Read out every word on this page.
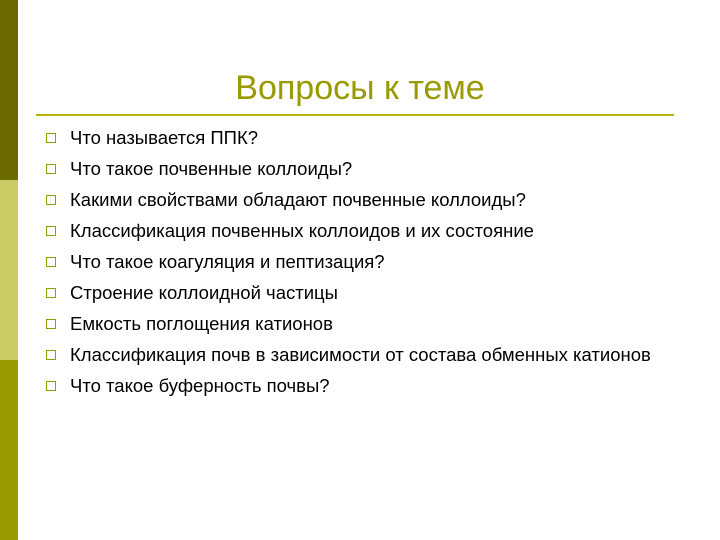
Вопросы к теме
Что называется ППК?
Что такое почвенные коллоиды?
Какими свойствами обладают почвенные коллоиды?
Классификация почвенных коллоидов и их состояние
Что такое коагуляция и пептизация?
Строение коллоидной частицы
Емкость поглощения катионов
Классификация почв в зависимости от состава обменных катионов
Что такое буферность почвы?
